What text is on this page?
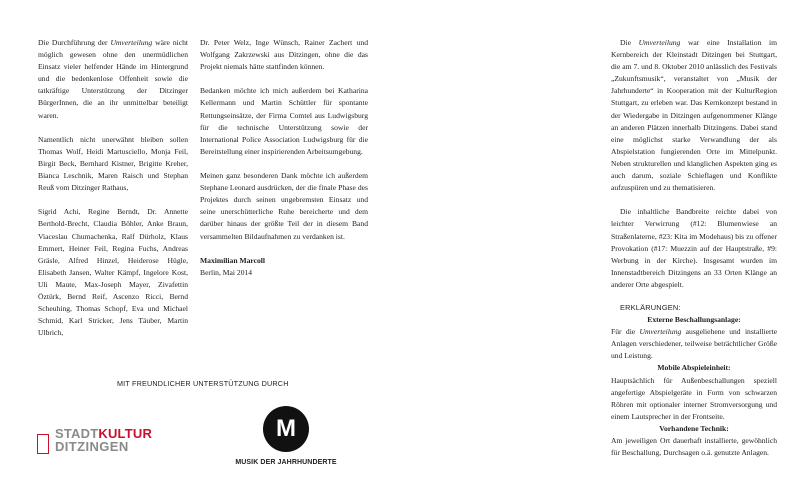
Die Durchführung der Umverteilung wäre nicht möglich gewesen ohne den unermüdlichen Einsatz vieler helfender Hände im Hintergrund und die bedenkenlose Offenheit sowie die tatkräftige Unterstützung der Ditzinger BürgerInnen, die an ihr unmittelbar beteiligt waren.

Namentlich nicht unerwähnt bleiben sollen Thomas Wolf, Heidi Martusciello, Monja Feil, Birgit Beck, Bernhard Kistner, Brigitte Kreher, Bianca Leschnik, Maren Raisch und Stephan Reuß vom Ditzinger Rathaus,

Sigrid Achi, Regine Berndt, Dr. Annette Berthold-Brecht, Claudia Böhler, Anke Braun, Viaceslau Chumachenka, Ralf Dürholz, Klaus Emmert, Heiner Feil, Regina Fuchs, Andreas Gräsle, Alfred Hinzel, Heiderose Hügle, Elisabeth Jansen, Walter Kämpf, Ingelore Kost, Uli Maute, Max-Joseph Mayer, Zivafettin Öztürk, Bernd Reif, Ascenzo Ricci, Bernd Scheuhing, Thomas Schopf, Eva und Michael Schmid, Karl Stricker, Jens Täuber, Martin Ulbrich,

Dr. Peter Welz, Inge Wünsch, Rainer Zachert und Wolfgang Zakrzewski aus Ditzingen, ohne die das Projekt niemals hätte stattfinden können.

Bedanken möchte ich mich außerdem bei Katharina Kellermann und Martin Schüttler für spontante Rettungseinsätze, der Firma Comtel aus Ludwigsburg für die technische Unterstützung sowie der International Police Association Ludwigsburg für die Bereitstellung einer inspirierenden Arbeitsumgebung.

Meinen ganz besonderen Dank möchte ich außerdem Stephane Leonard ausdrücken, der die finale Phase des Projektes durch seinen ungebremsten Einsatz und seine unerschütterliche Ruhe bereicherte und dem darüber hinaus der größte Teil der in diesem Band versammelten Bildaufnahmen zu verdanken ist.

Maximilian Marcoll
Berlin, Mai 2014

Die Umverteilung war eine Installation im Kernbereich der Kleinstadt Ditzingen bei Stuttgart, die am 7. und 8. Oktober 2010 anlässlich des Festivals „Zukunftsmusik“, veranstaltet von „Musik der Jahrhunderte“ in Kooperation mit der KulturRegion Stuttgart, zu erleben war. Das Kernkonzept bestand in der Wiedergabe in Ditzingen aufgenommener Klänge an anderen Plätzen innerhalb Ditzingens. Dabei stand eine möglichst starke Verwandlung der als Abspielstation fungierenden Orte im Mittelpunkt. Neben strukturellen und klanglichen Aspekten ging es auch darum, soziale Schieflagen und Konflikte aufzuspüren und zu thematisieren.

Die inhaltliche Bandbreite reichte dabei von leichter Verwirrung (#12: Blumenwiese an Straßenlaterne, #23: Kita im Modehaus) bis zu offener Provokation (#17: Muezzin auf der Hauptstraße, #9: Werbung in der Kirche). Insgesamt wurden im Innenstadtbereich Ditzingens an 33 Orten Klänge an anderer Orte abgespielt.

ERKLÄRUNGEN:

Externe Beschallungsanlage:

Für die Umverteilung ausgeliehene und installierte Anlagen verschiedener, teilweise beträchtlicher Größe und Leistung.

Mobile Abspieleinheit:

Hauptsächlich für Außenbeschallungen speziell angefertige Abspielgeräte in Form von schwarzen Röhren mit optionaler interner Stromversorgung und einem Lautsprecher in der Frontseite.

Vorhandene Technik:

Am jeweiligen Ort dauerhaft installierte, gewöhnlich für Beschallung, Durchsagen o.ä. genutzte Anlagen.

MIT FREUNDLICHER UNTERSTÜTZUNG DURCH
STADTKULTUR
DITZINGEN
M
MUSIK DER JAHRHUNDERTE
